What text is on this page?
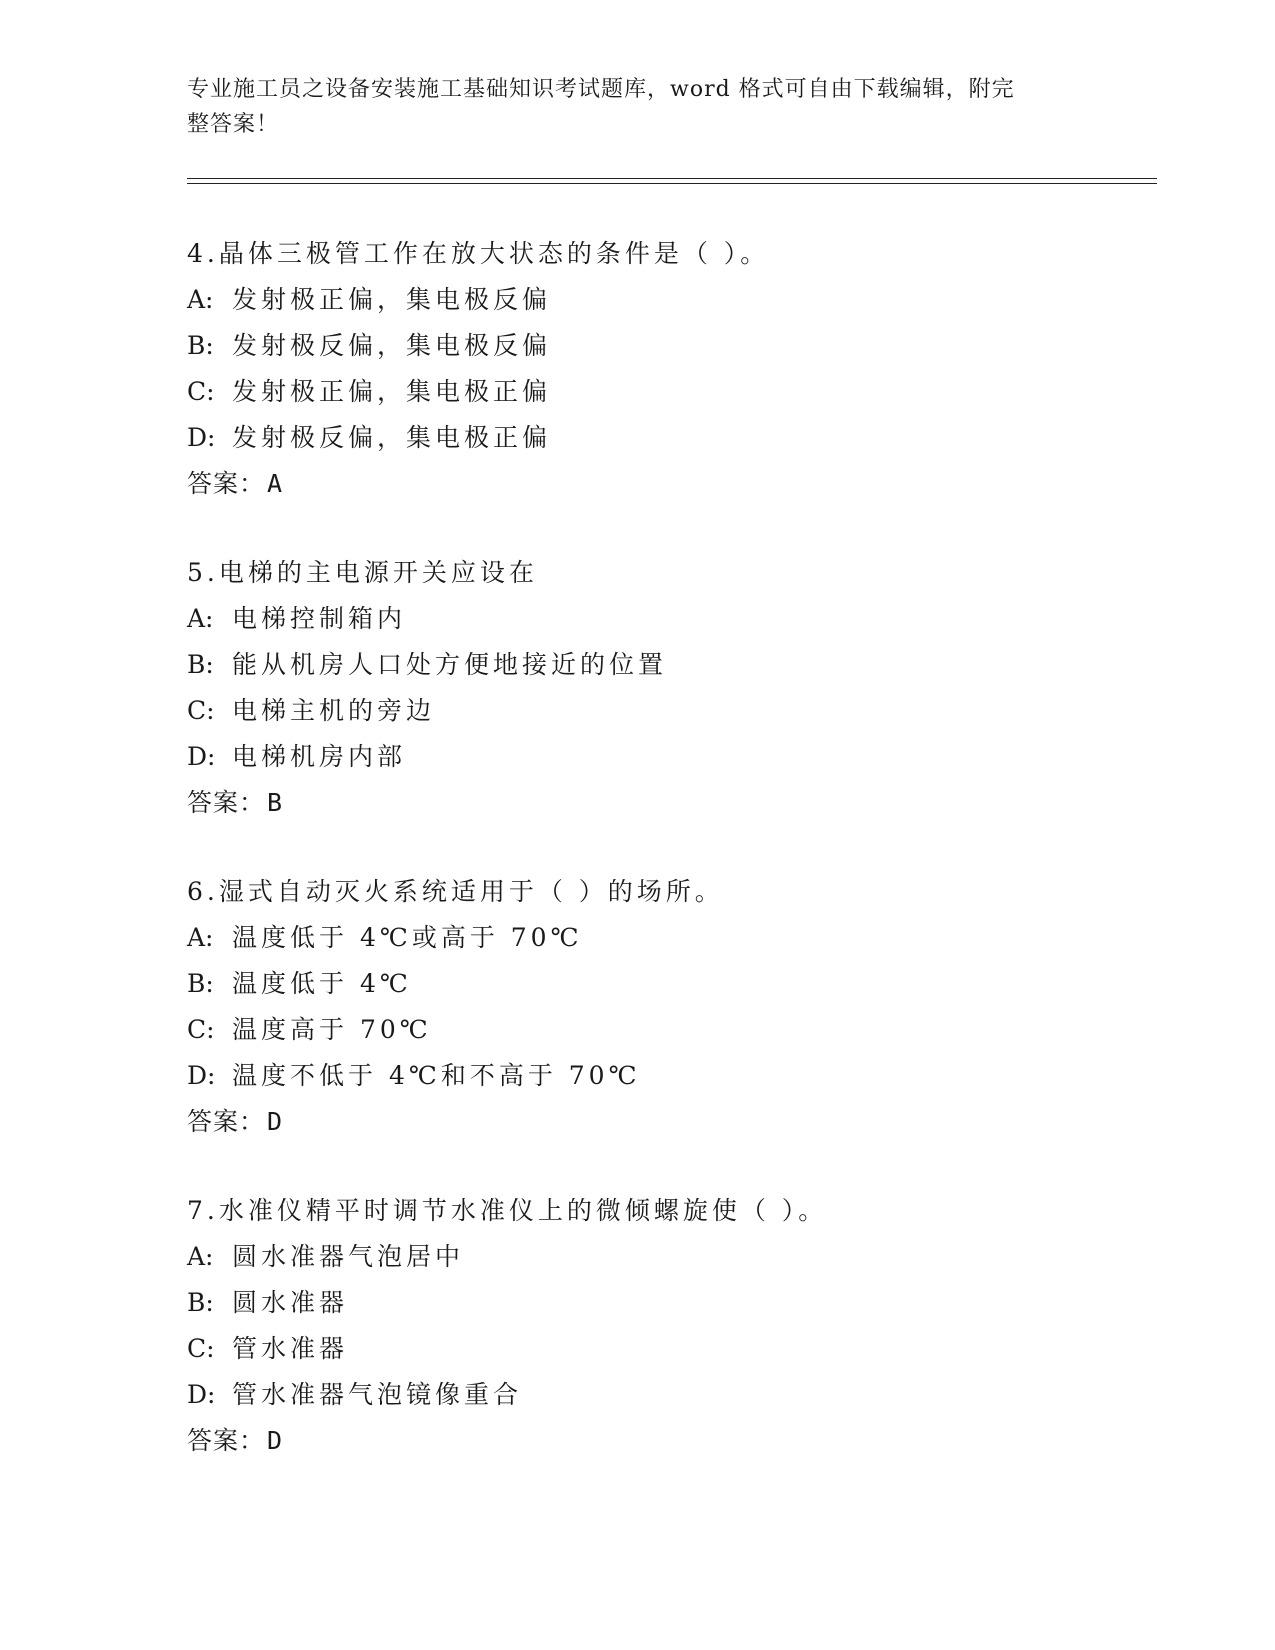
专业施工员之设备安装施工基础知识考试题库，word 格式可自由下载编辑，附完
整答案！
4.晶体三极管工作在放大状态的条件是（ ）。
A: 发射极正偏，集电极反偏
B: 发射极反偏，集电极反偏
C: 发射极正偏，集电极正偏
D: 发射极反偏，集电极正偏
答案：A
5.电梯的主电源开关应设在
A: 电梯控制箱内
B: 能从机房人口处方便地接近的位置
C: 电梯主机的旁边
D: 电梯机房内部
答案：B
6.湿式自动灭火系统适用于（ ）的场所。
A: 温度低于 4℃或高于 70℃
B: 温度低于 4℃
C: 温度高于 70℃
D: 温度不低于 4℃和不高于 70℃
答案：D
7.水准仪精平时调节水准仪上的微倾螺旋使（ ）。
A: 圆水准器气泡居中
B: 圆水准器
C: 管水准器
D: 管水准器气泡镜像重合
答案：D
